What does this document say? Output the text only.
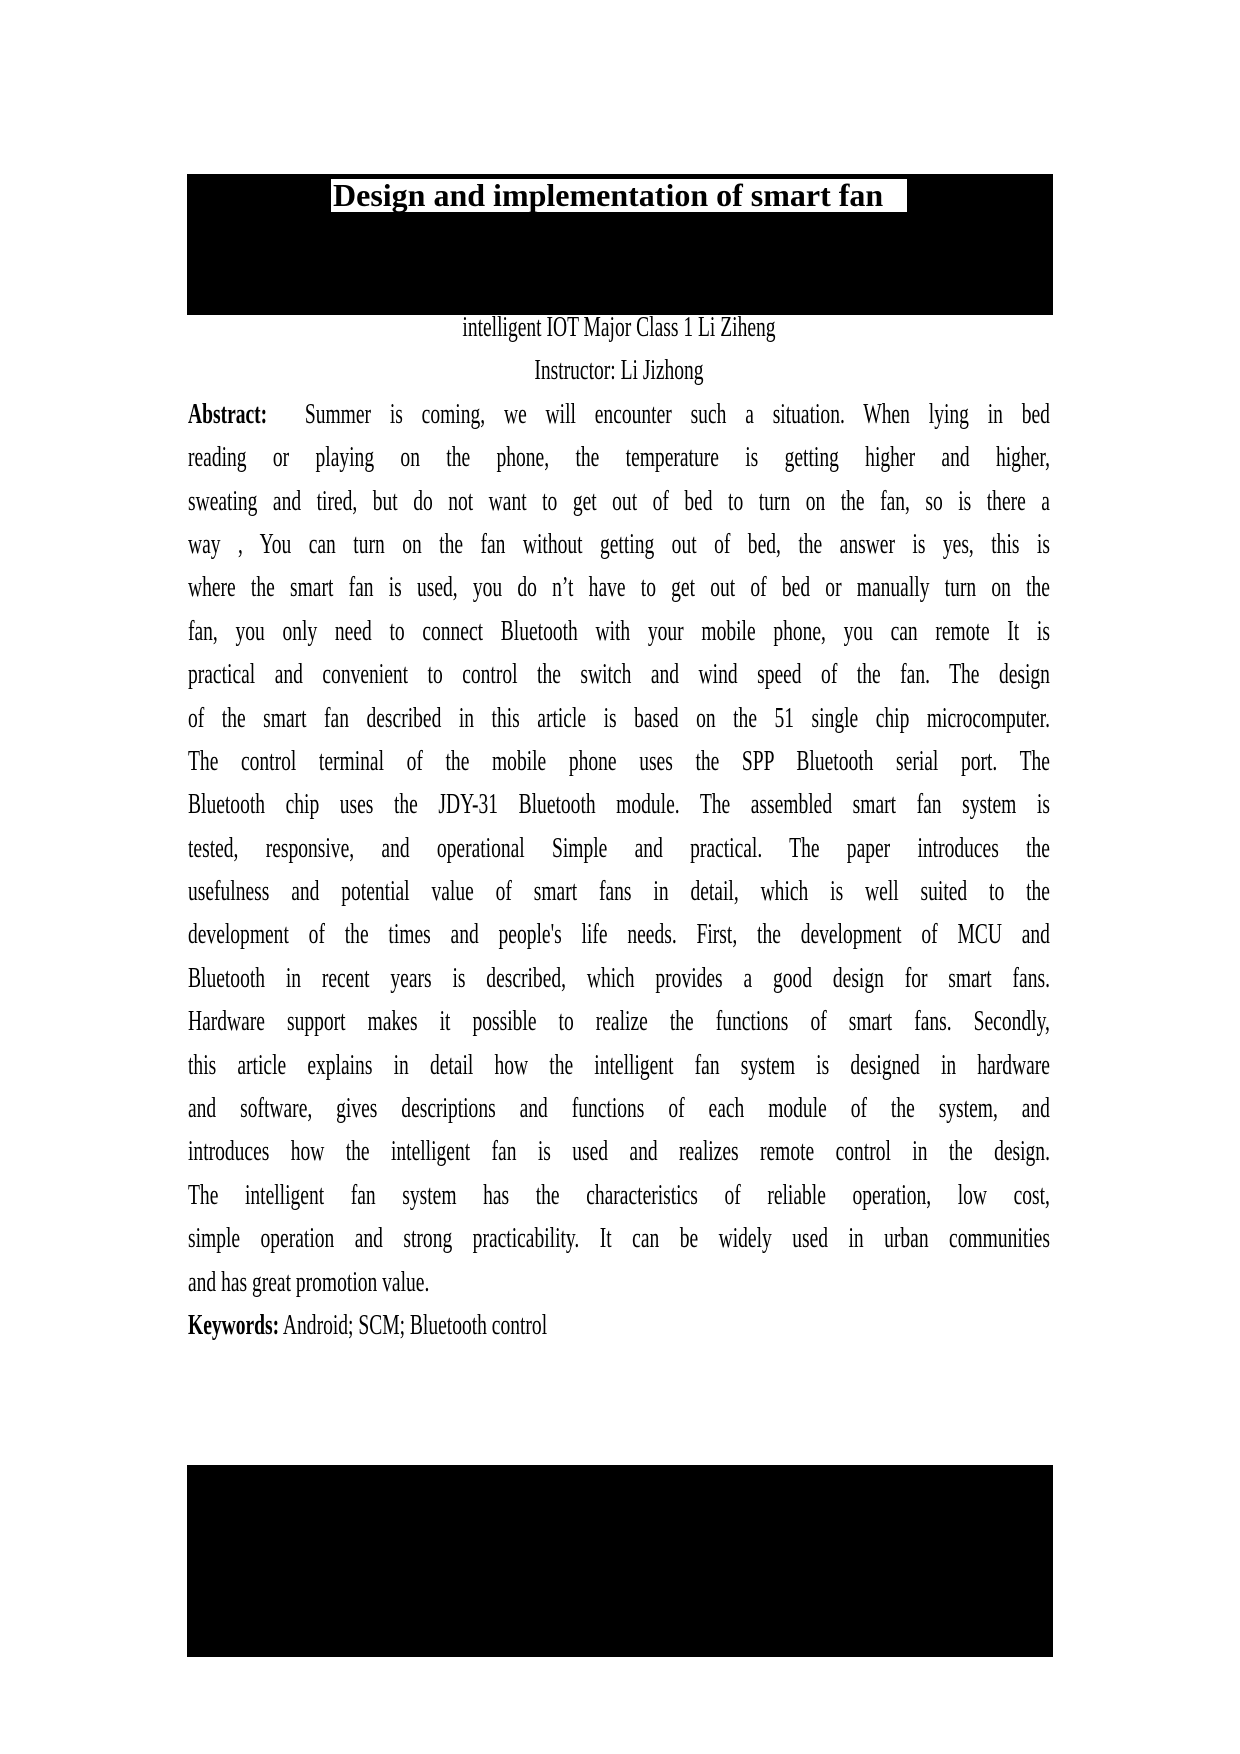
Design and implementation of smart fan
intelligent IOT Major Class 1 Li Ziheng
Instructor: Li Jizhong
Abstract:  Summer is coming, we will encounter such a situation. When lying in bed
reading or playing on the phone, the temperature is getting higher and higher,
sweating and tired, but do not want to get out of bed to turn on the fan, so is there a
way , You can turn on the fan without getting out of bed, the answer is yes, this is
where the smart fan is used, you do n’t have to get out of bed or manually turn on the
fan, you only need to connect Bluetooth with your mobile phone, you can remote It is
practical and convenient to control the switch and wind speed of the fan. The design
of the smart fan described in this article is based on the 51 single chip microcomputer.
The control terminal of the mobile phone uses the SPP Bluetooth serial port. The
Bluetooth chip uses the JDY-31 Bluetooth module. The assembled smart fan system is
tested, responsive, and operational Simple and practical. The paper introduces the
usefulness and potential value of smart fans in detail, which is well suited to the
development of the times and people's life needs. First, the development of MCU and
Bluetooth in recent years is described, which provides a good design for smart fans.
Hardware support makes it possible to realize the functions of smart fans. Secondly,
this article explains in detail how the intelligent fan system is designed in hardware
and software, gives descriptions and functions of each module of the system, and
introduces how the intelligent fan is used and realizes remote control in the design.
The intelligent fan system has the characteristics of reliable operation, low cost,
simple operation and strong practicability. It can be widely used in urban communities
and has great promotion value.
Keywords: Android; SCM; Bluetooth control
